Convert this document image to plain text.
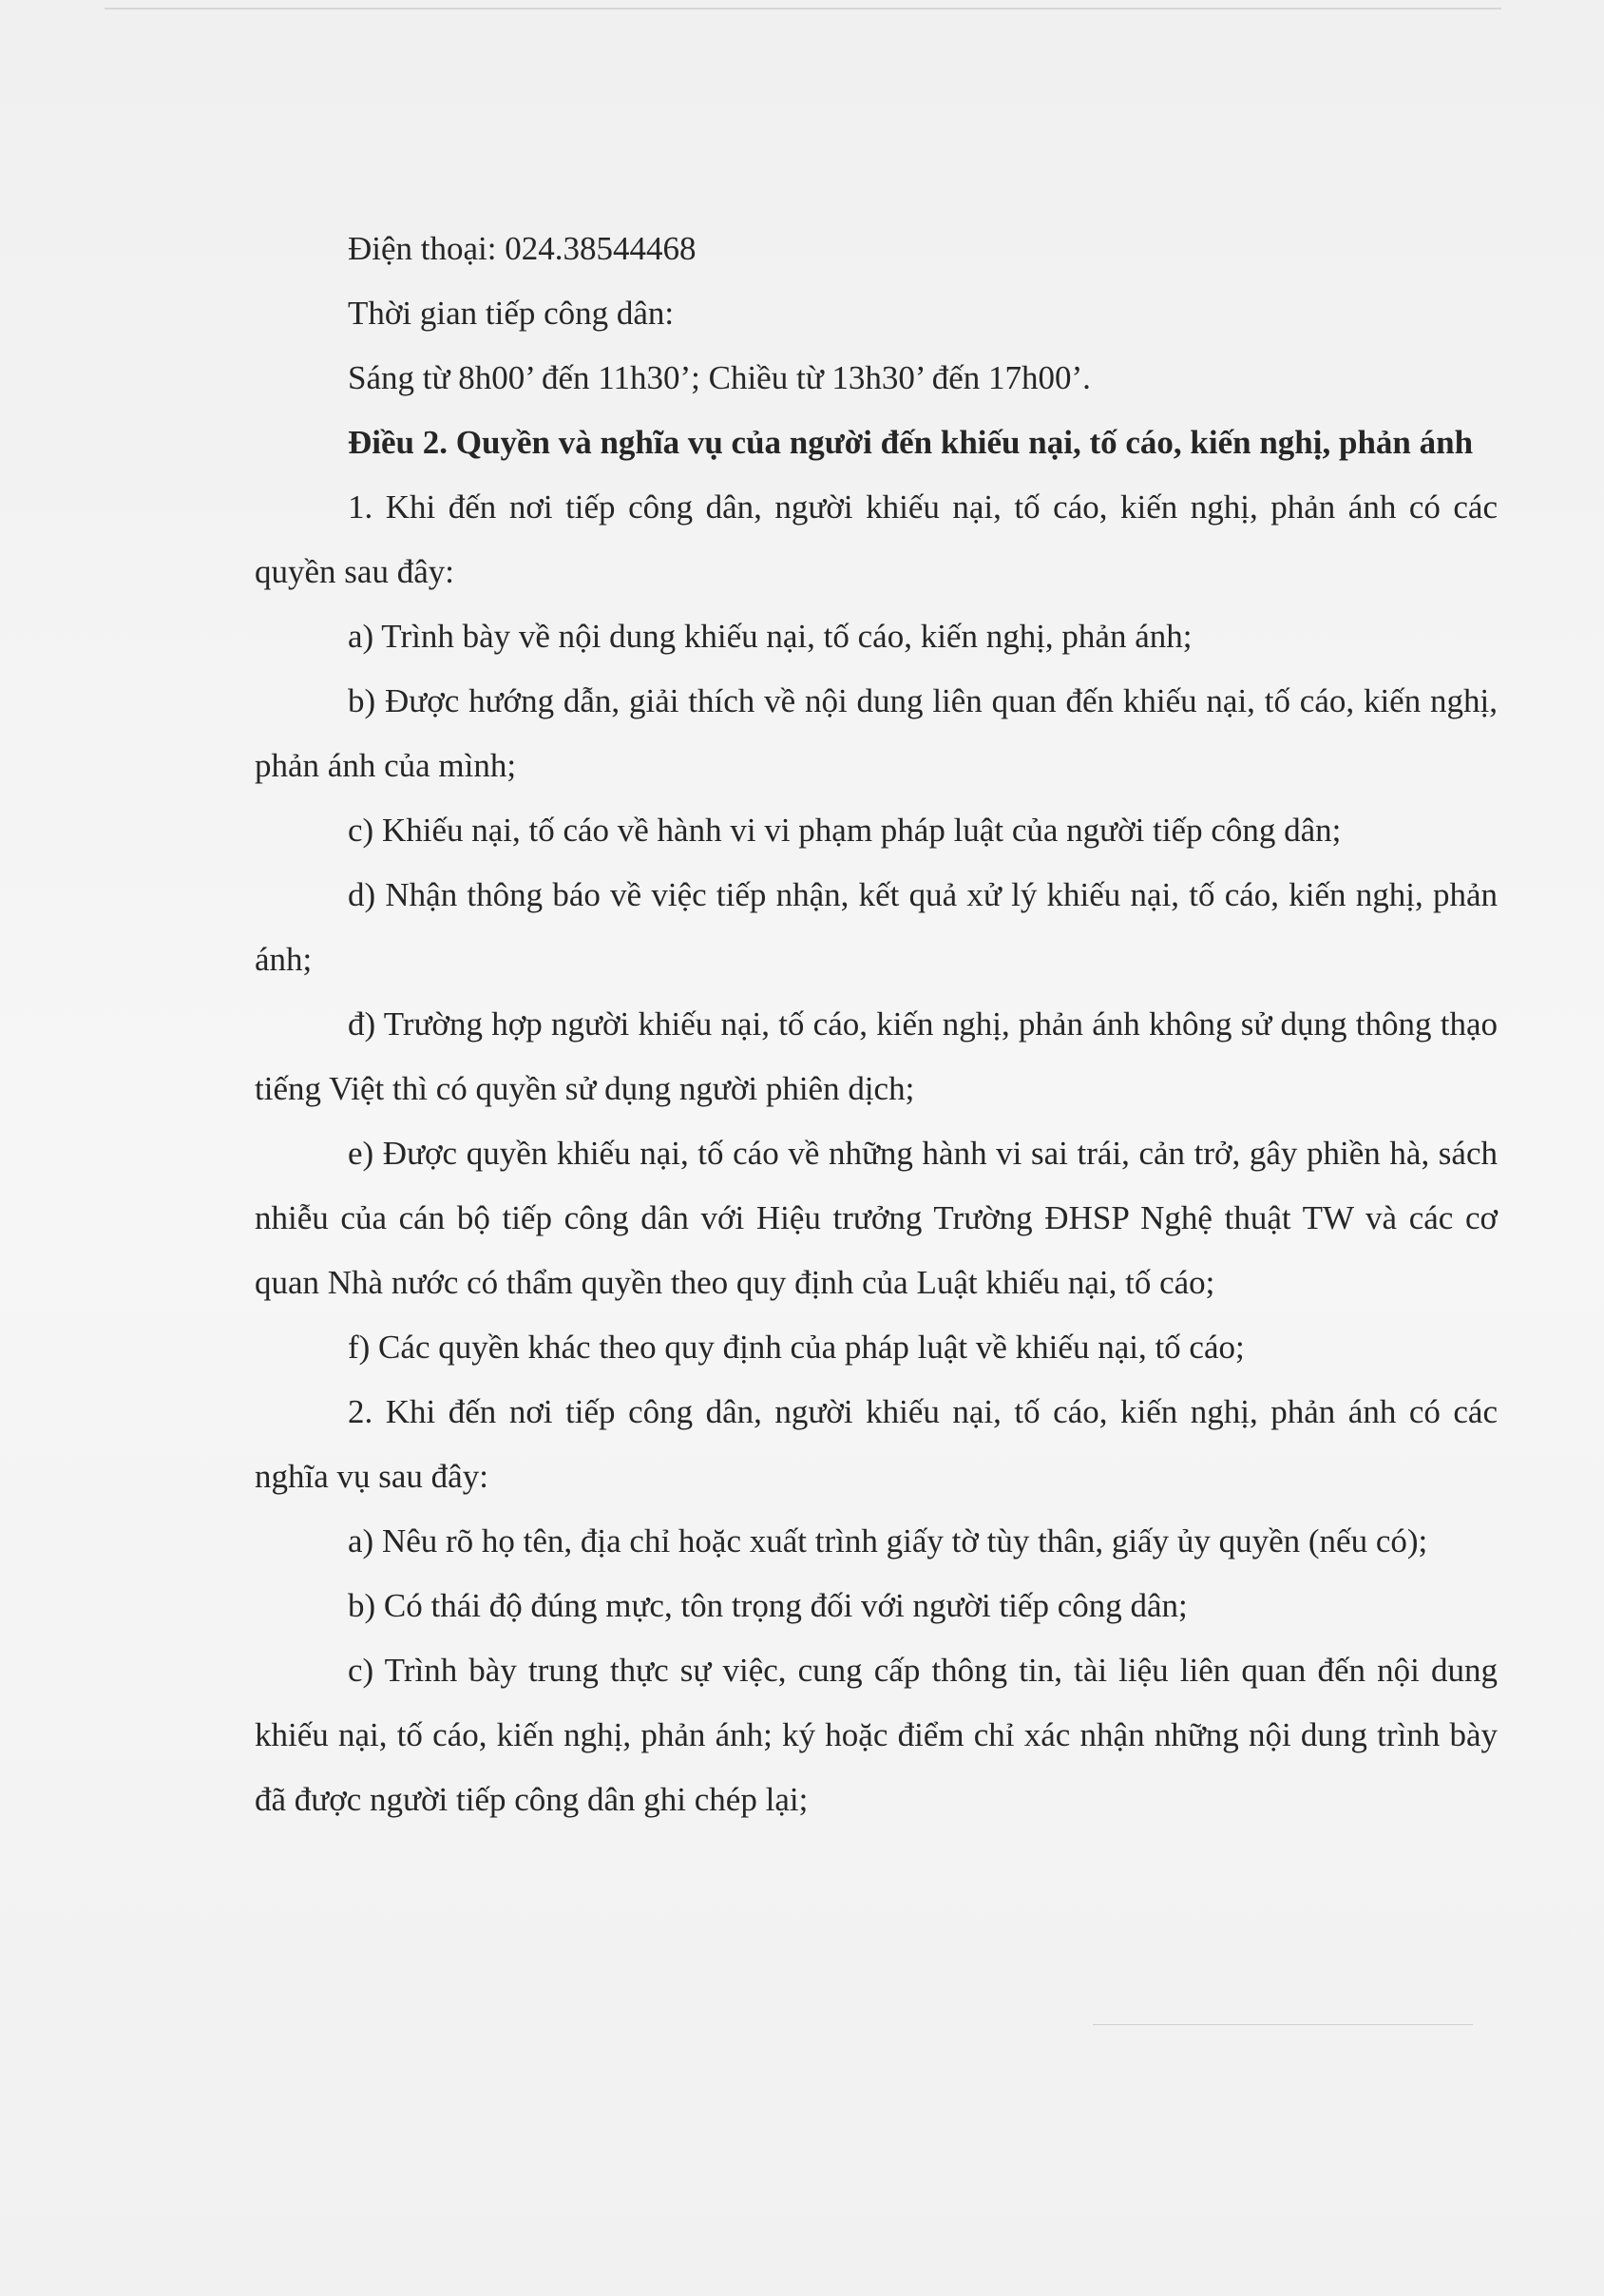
Điện thoại: 024.38544468

Thời gian tiếp công dân:

Sáng từ 8h00’ đến 11h30’; Chiều từ 13h30’ đến 17h00’.

Điều 2. Quyền và nghĩa vụ của người đến khiếu nại, tố cáo, kiến nghị, phản ánh

1. Khi đến nơi tiếp công dân, người khiếu nại, tố cáo, kiến nghị, phản ánh có các quyền sau đây:

a) Trình bày về nội dung khiếu nại, tố cáo, kiến nghị, phản ánh;

b) Được hướng dẫn, giải thích về nội dung liên quan đến khiếu nại, tố cáo, kiến nghị, phản ánh của mình;

c) Khiếu nại, tố cáo về hành vi vi phạm pháp luật của người tiếp công dân;

d) Nhận thông báo về việc tiếp nhận, kết quả xử lý khiếu nại, tố cáo, kiến nghị, phản ánh;

đ) Trường hợp người khiếu nại, tố cáo, kiến nghị, phản ánh không sử dụng thông thạo tiếng Việt thì có quyền sử dụng người phiên dịch;

e) Được quyền khiếu nại, tố cáo về những hành vi sai trái, cản trở, gây phiền hà, sách nhiễu của cán bộ tiếp công dân với Hiệu trưởng Trường ĐHSP Nghệ thuật TW và các cơ quan Nhà nước có thẩm quyền theo quy định của Luật khiếu nại, tố cáo;

f) Các quyền khác theo quy định của pháp luật về khiếu nại, tố cáo;

2. Khi đến nơi tiếp công dân, người khiếu nại, tố cáo, kiến nghị, phản ánh có các nghĩa vụ sau đây:

a) Nêu rõ họ tên, địa chỉ hoặc xuất trình giấy tờ tùy thân, giấy ủy quyền (nếu có);

b) Có thái độ đúng mực, tôn trọng đối với người tiếp công dân;

c) Trình bày trung thực sự việc, cung cấp thông tin, tài liệu liên quan đến nội dung khiếu nại, tố cáo, kiến nghị, phản ánh; ký hoặc điểm chỉ xác nhận những nội dung trình bày đã được người tiếp công dân ghi chép lại;
